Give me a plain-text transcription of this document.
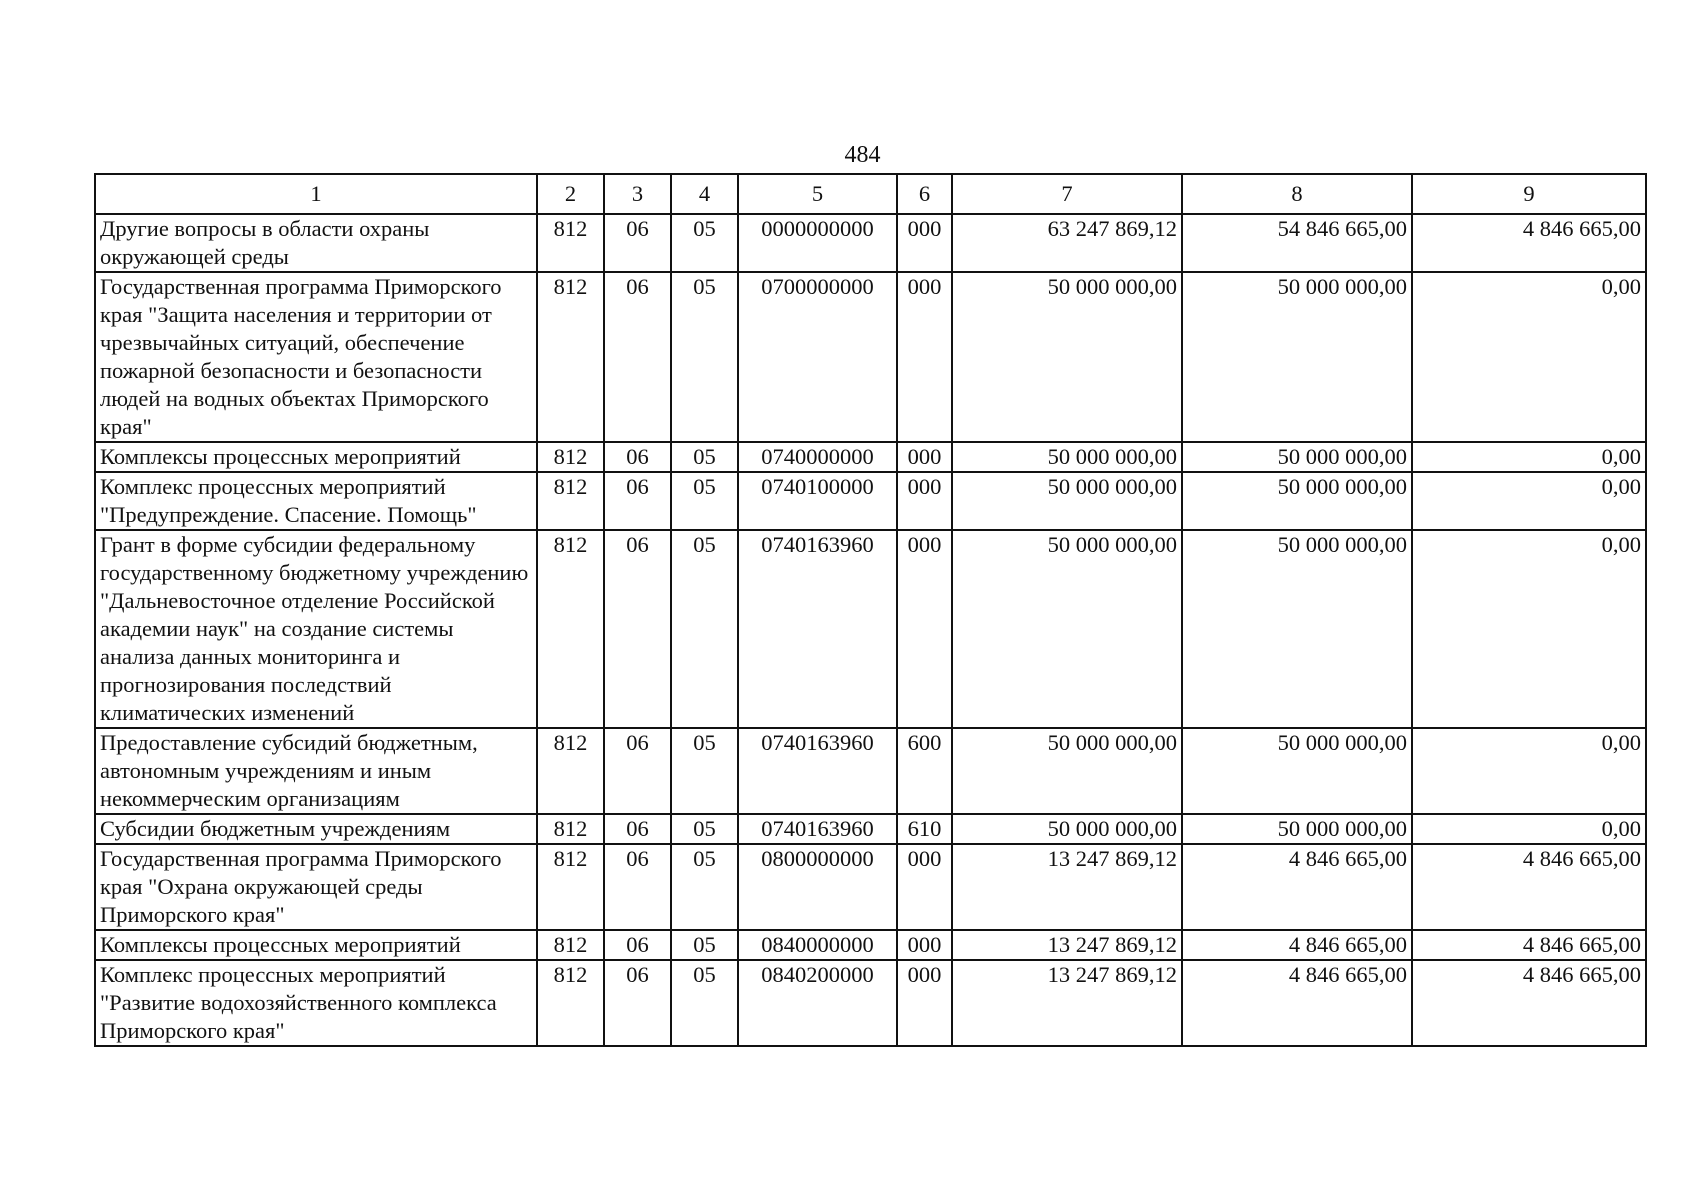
484
1	2	3	4	5	6	7	8	9
Другие вопросы в области охраны окружающей среды	812	06	05	0000000000	000	63 247 869,12	54 846 665,00	4 846 665,00
Государственная программа Приморского края "Защита населения и территории от чрезвычайных ситуаций, обеспечение пожарной безопасности и безопасности людей на водных объектах Приморского края"	812	06	05	0700000000	000	50 000 000,00	50 000 000,00	0,00
Комплексы процессных мероприятий	812	06	05	0740000000	000	50 000 000,00	50 000 000,00	0,00
Комплекс процессных мероприятий "Предупреждение. Спасение. Помощь"	812	06	05	0740100000	000	50 000 000,00	50 000 000,00	0,00
Грант в форме субсидии федеральному государственному бюджетному учреждению "Дальневосточное отделение Российской академии наук" на создание системы анализа данных мониторинга и прогнозирования последствий климатических изменений	812	06	05	0740163960	000	50 000 000,00	50 000 000,00	0,00
Предоставление субсидий бюджетным, автономным учреждениям и иным некоммерческим организациям	812	06	05	0740163960	600	50 000 000,00	50 000 000,00	0,00
Субсидии бюджетным учреждениям	812	06	05	0740163960	610	50 000 000,00	50 000 000,00	0,00
Государственная программа Приморского края "Охрана окружающей среды Приморского края"	812	06	05	0800000000	000	13 247 869,12	4 846 665,00	4 846 665,00
Комплексы процессных мероприятий	812	06	05	0840000000	000	13 247 869,12	4 846 665,00	4 846 665,00
Комплекс процессных мероприятий "Развитие водохозяйственного комплекса Приморского края"	812	06	05	0840200000	000	13 247 869,12	4 846 665,00	4 846 665,00
